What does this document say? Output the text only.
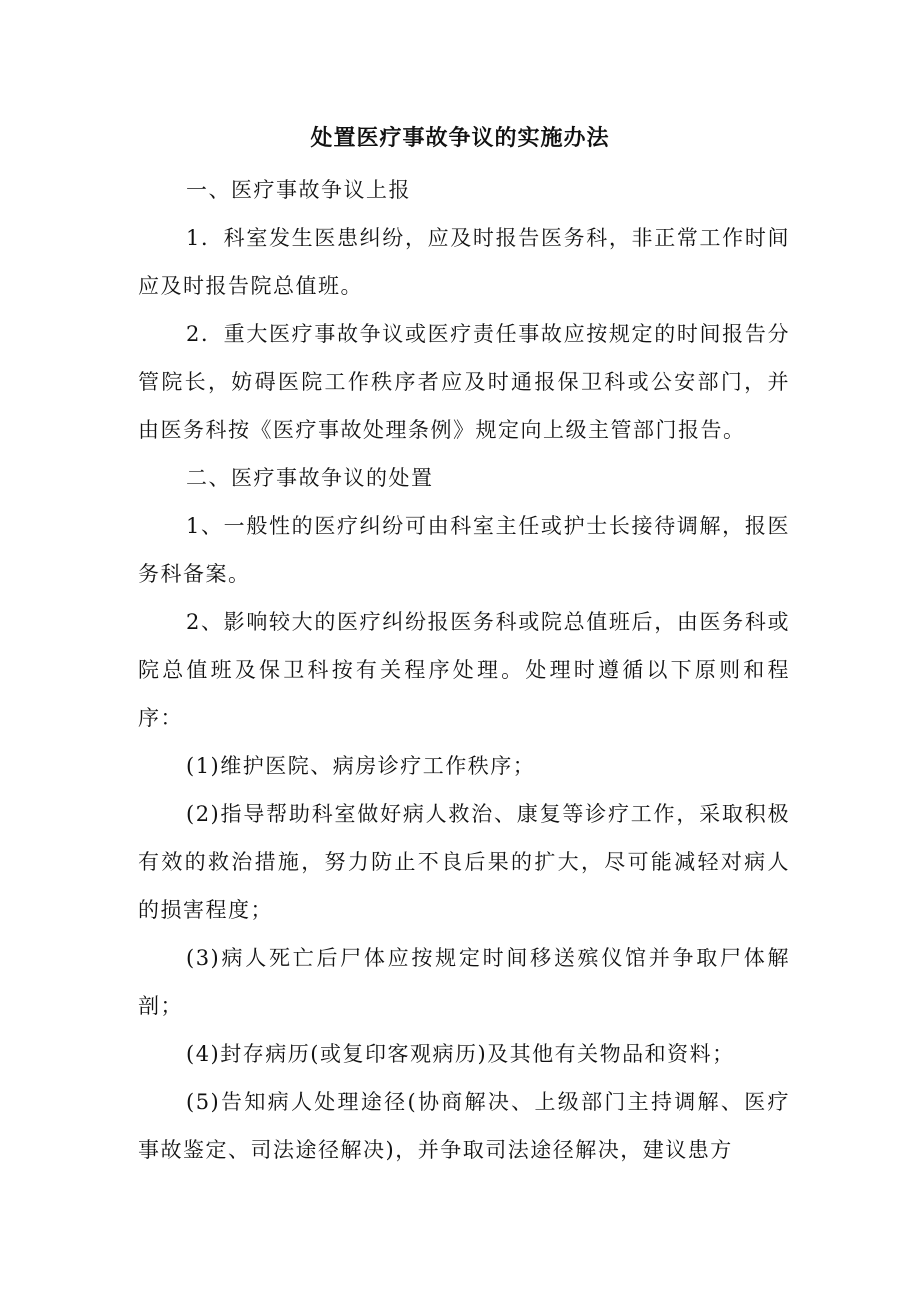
处置医疗事故争议的实施办法

一、医疗事故争议上报

1．科室发生医患纠纷，应及时报告医务科，非正常工作时间应及时报告院总值班。

2．重大医疗事故争议或医疗责任事故应按规定的时间报告分管院长，妨碍医院工作秩序者应及时通报保卫科或公安部门，并由医务科按《医疗事故处理条例》规定向上级主管部门报告。

二、医疗事故争议的处置

1、一般性的医疗纠纷可由科室主任或护士长接待调解，报医务科备案。

2、影响较大的医疗纠纷报医务科或院总值班后，由医务科或院总值班及保卫科按有关程序处理。处理时遵循以下原则和程序：

(1)维护医院、病房诊疗工作秩序；

(2)指导帮助科室做好病人救治、康复等诊疗工作，采取积极有效的救治措施，努力防止不良后果的扩大，尽可能减轻对病人的损害程度；

(3)病人死亡后尸体应按规定时间移送殡仪馆并争取尸体解剖；

(4)封存病历(或复印客观病历)及其他有关物品和资料；

(5)告知病人处理途径(协商解决、上级部门主持调解、医疗事故鉴定、司法途径解决)，并争取司法途径解决，建议患方
